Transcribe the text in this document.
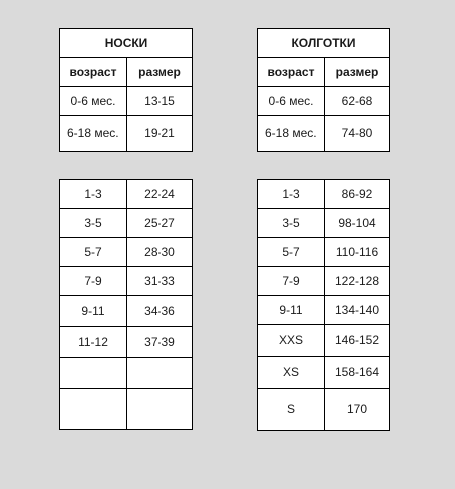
НОСКИ	
возраст	размер
0-6 мес.	13-15
6-18 мес.	19-21
КОЛГОТКИ	
возраст	размер
0-6 мес.	62-68
6-18 мес.	74-80
1-3	22-24
3-5	25-27
5-7	28-30
7-9	31-33
9-11	34-36
11-12	37-39

1-3	86-92
3-5	98-104
5-7	110-116
7-9	122-128
9-11	134-140
XXS	146-152
XS	158-164
S	170
